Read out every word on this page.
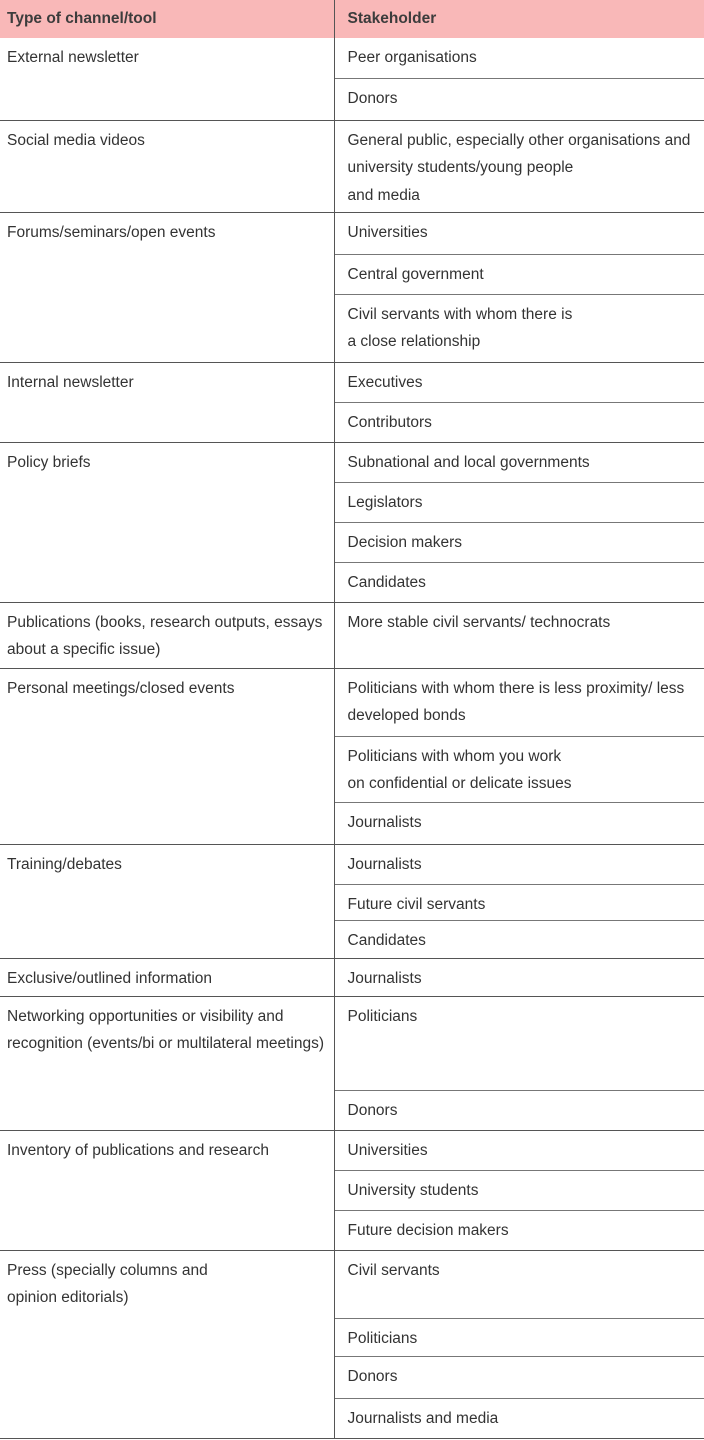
Type of channel/tool	Stakeholder
External newsletter	Peer organisations
	Donors
Social media videos	General public, especially other organisations and university students/young people
and media
Forums/seminars/open events	Universities
	Central government
	Civil servants with whom there is
a close relationship
Internal newsletter	Executives
	Contributors
Policy briefs	Subnational and local governments
	Legislators
	Decision makers
	Candidates
Publications (books, research outputs, essays about a specific issue)	More stable civil servants/ technocrats
Personal meetings/closed events	Politicians with whom there is less proximity/ less developed bonds
	Politicians with whom you work
on confidential or delicate issues
	Journalists
Training/debates	Journalists
	Future civil servants
	Candidates
Exclusive/outlined information	Journalists
Networking opportunities or visibility and recognition (events/bi or multilateral meetings)	Politicians
	Donors
Inventory of publications and research	Universities
	University students
	Future decision makers
Press (specially columns and
opinion editorials)	Civil servants
	Politicians
	Donors
	Journalists and media
